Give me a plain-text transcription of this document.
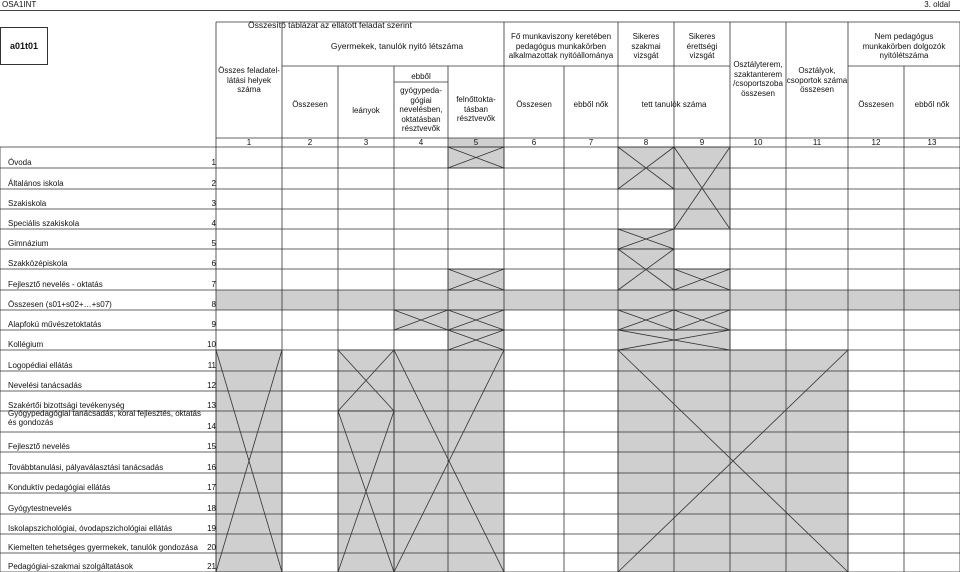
OSA1INT	3. oldal
Összesítő táblázat az ellátott feladat szerint
a01t01
Összes feladatel-
látási helyek
száma
Gyermekek, tanulók nyitó létszáma
Összesen
leányok
ebből
gyógypeda-
gógiai
nevelésben,
oktatásban
résztvevők
felnőttokta-
tásban
résztvevők
Fő munkaviszony keretében
pedagógus munkakörben
alkalmazottak nyitóállománya
Összesen	ebből nők
Sikeres
szakmai
vizsgát
Sikeres
érettségi
vizsgát
tett tanulók száma
Osztályterem,
szaktanterem
/csoportszoba
összesen
Osztályok,
csoportok száma
összesen
Nem pedagógus
munkakörben dolgozók
nyitólétszáma
Összesen	ebből nők
1	2	3	4	5	6	7	8	9	10	11	12	13
Óvoda	1
Általános iskola	2
Szakiskola	3
Speciális szakiskola	4
Gimnázium	5
Szakközépiskola	6
Fejlesztő nevelés - oktatás	7
Összesen (s01+s02+…+s07)	8
Alapfokú művészetoktatás	9
Kollégium	10
Logopédiai ellátás	11
Nevelési tanácsadás	12
Szakértői bizottsági tevékenység	13
Gyógypedagógiai tanácsadás, korai fejlesztés, oktatás és gondozás	14
Fejlesztő nevelés	15
Továbbtanulási, pályaválasztási tanácsadás	16
Konduktív pedagógiai ellátás	17
Gyógytestnevelés	18
Iskolapszichológiai, óvodapszichológiai ellátás	19
Kiemelten tehetséges gyermekek, tanulók gondozása	20
Pedagógiai-szakmai szolgáltatások	21
